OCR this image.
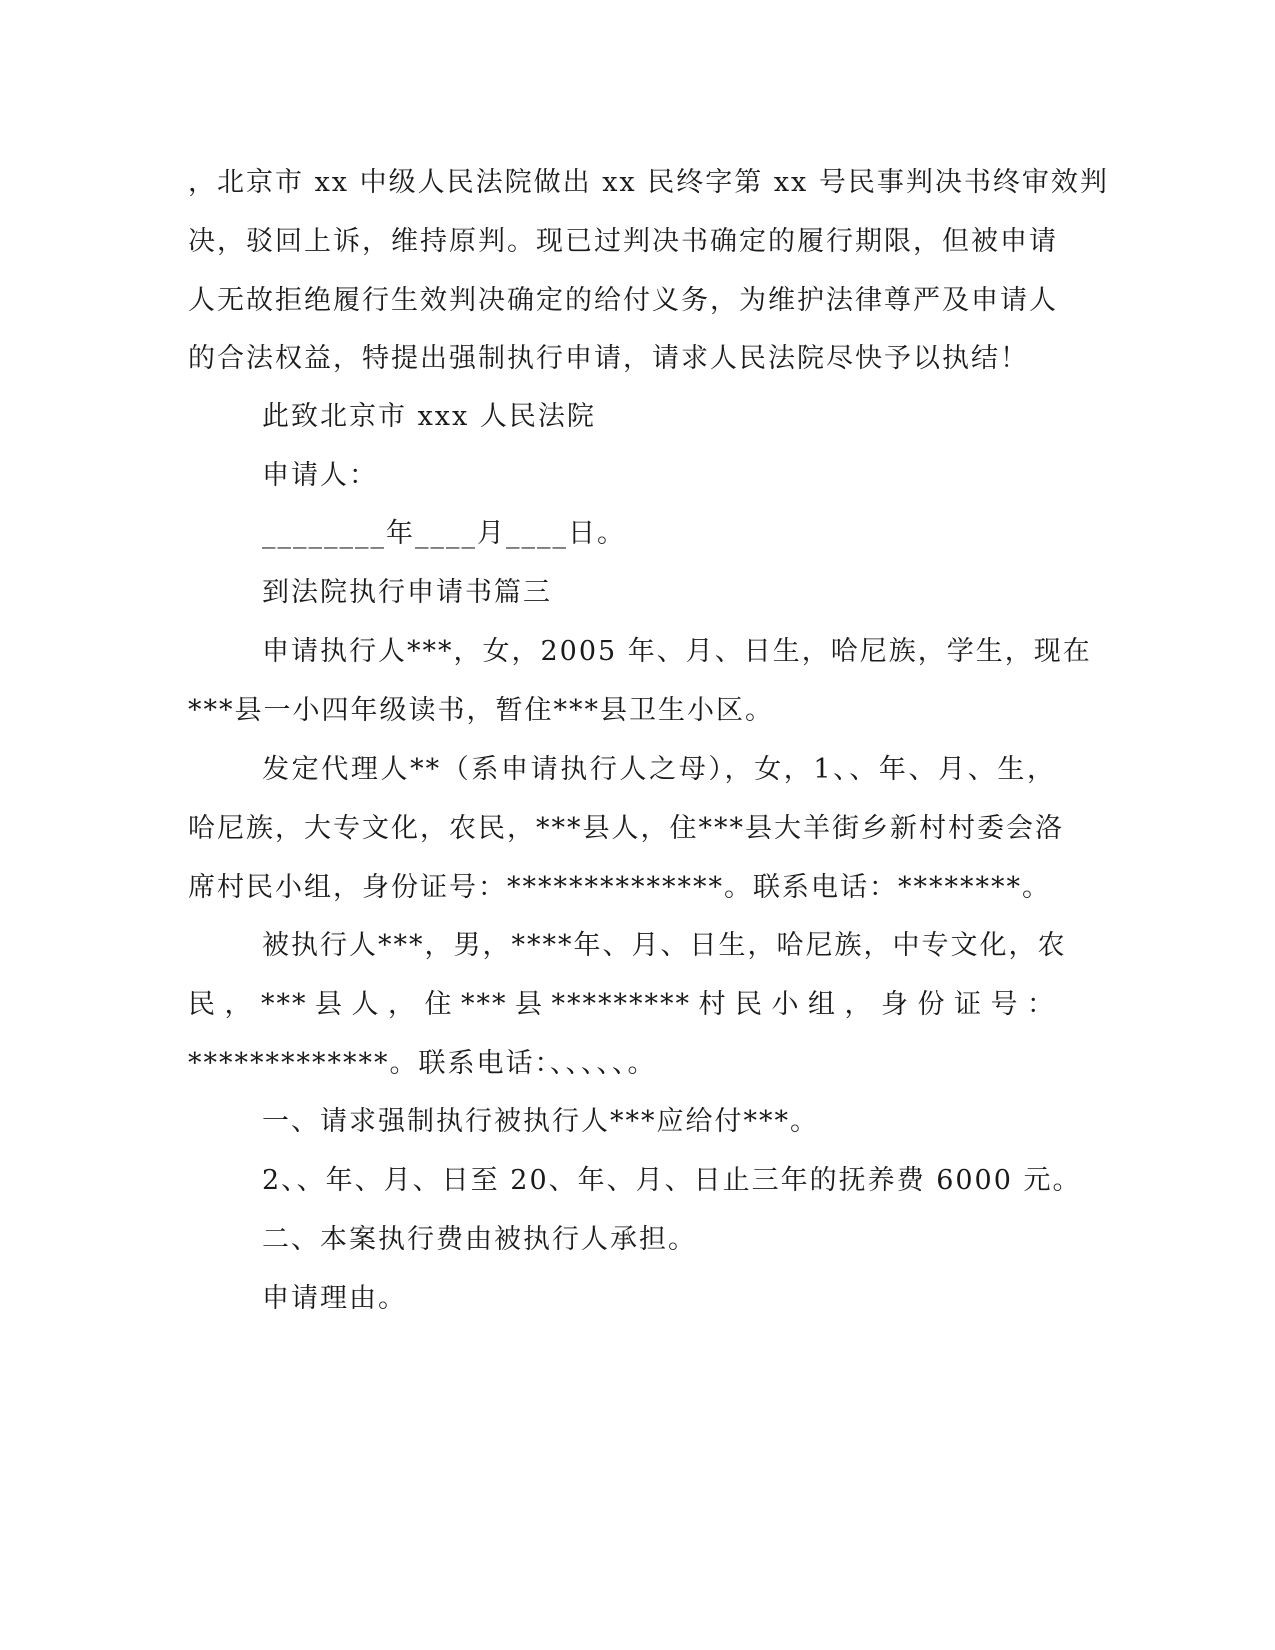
，北京市 xx 中级人民法院做出 xx 民终字第 xx 号民事判决书终审效判
决，驳回上诉，维持原判。现已过判决书确定的履行期限，但被申请
人无故拒绝履行生效判决确定的给付义务，为维护法律尊严及申请人
的合法权益，特提出强制执行申请，请求人民法院尽快予以执结！
此致北京市 xxx 人民法院
申请人：
________年____月____日。
到法院执行申请书篇三
申请执行人***，女，2005 年、月、日生，哈尼族，学生，现在
***县一小四年级读书，暂住***县卫生小区。
发定代理人**（系申请执行人之母），女，1、、年、月、生，
哈尼族，大专文化，农民，***县人，住***县大羊街乡新村村委会洛
席村民小组，身份证号：**************。联系电话：********。
被执行人***，男，****年、月、日生，哈尼族，中专文化，农
民，***县人，住***县*********村民小组，身份证号：
*************。联系电话：、、、、、。
一、请求强制执行被执行人***应给付***。
2、、年、月、日至 20、年、月、日止三年的抚养费 6000 元。
二、本案执行费由被执行人承担。
申请理由。
